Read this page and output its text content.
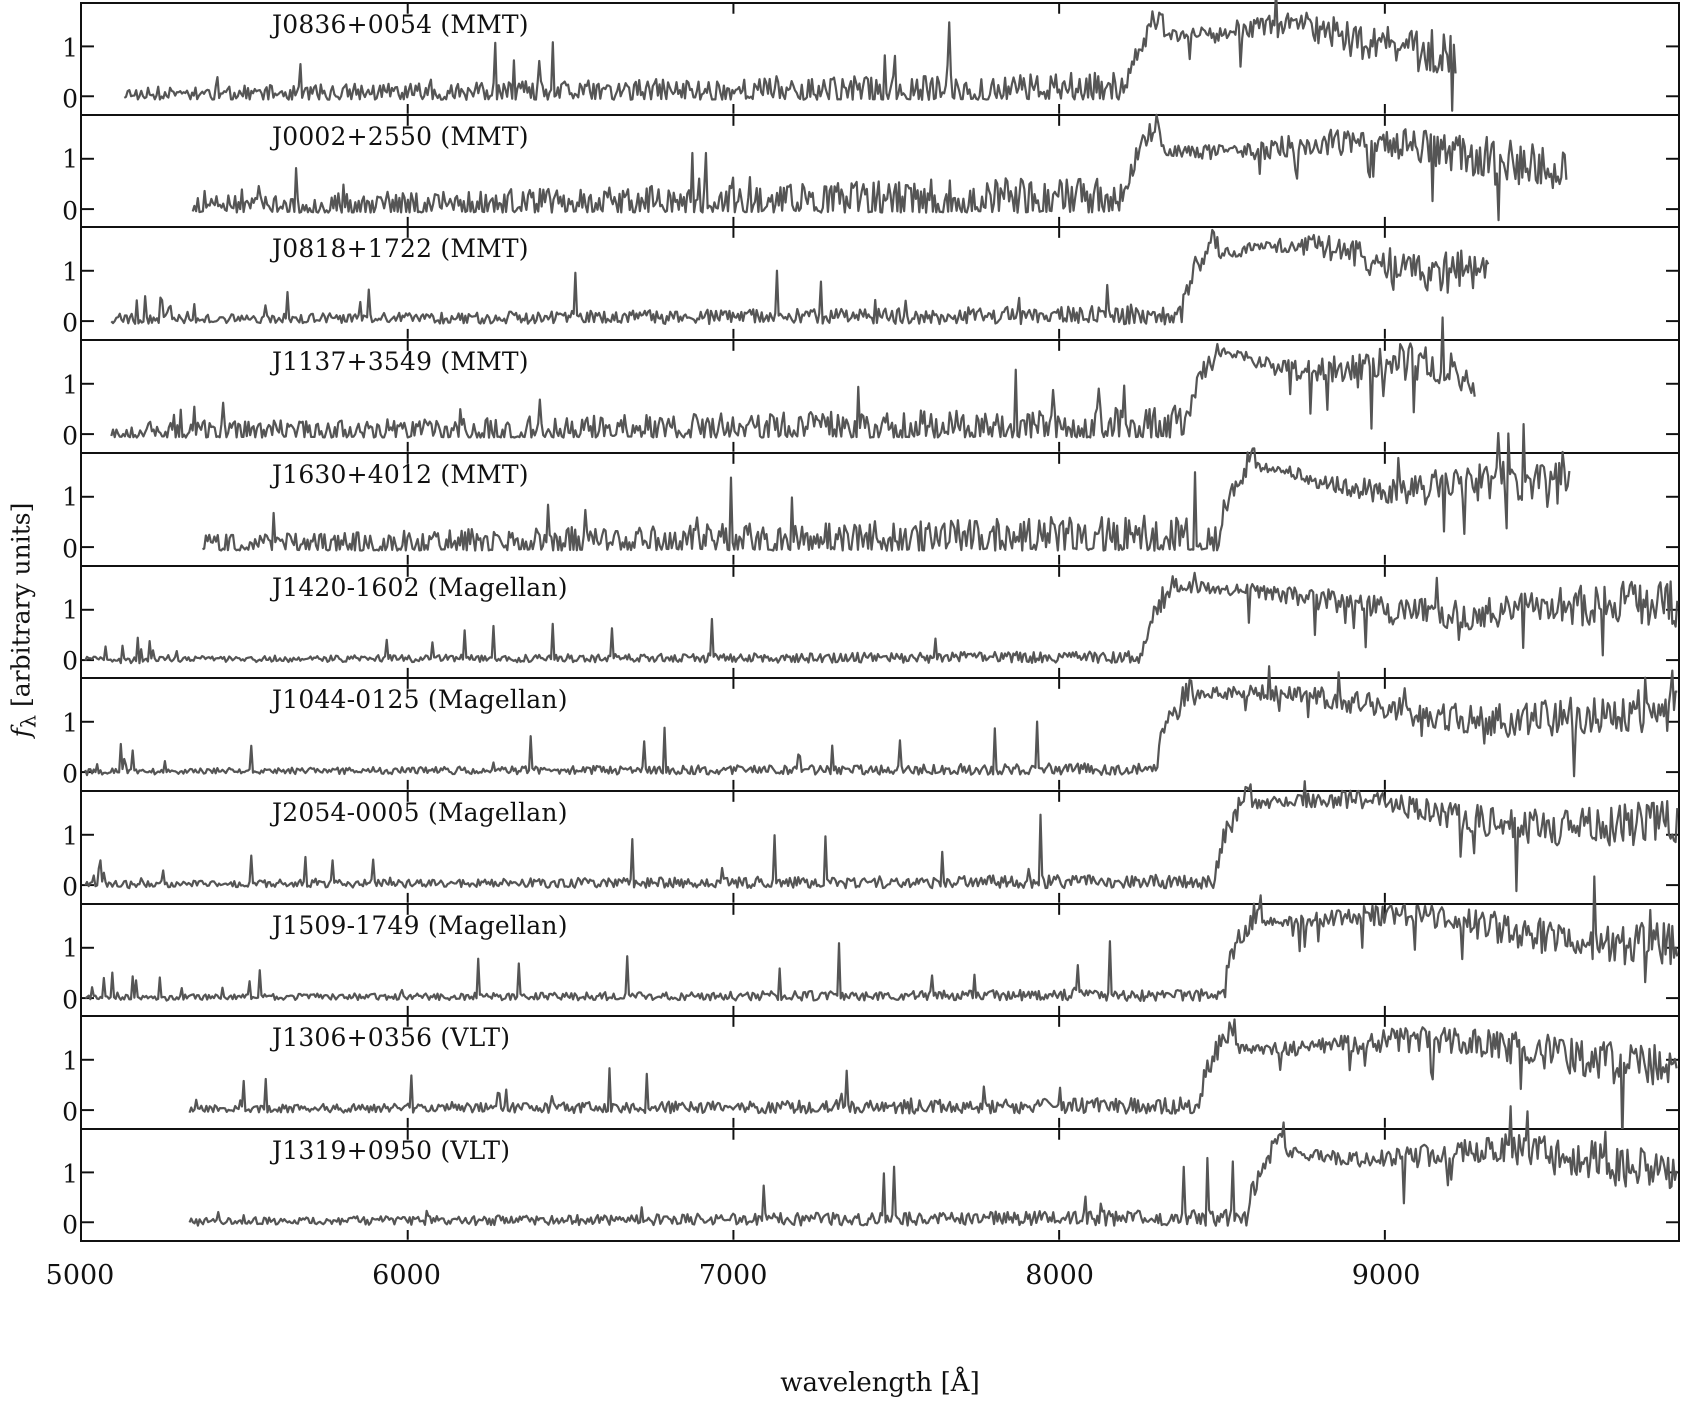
$f_\lambda$ [arbitrary units]
J0836+0054 (MMT)
0
1
J0002+2550 (MMT)
0
1
J0818+1722 (MMT)
0
1
J1137+3549 (MMT)
0
1
J1630+4012 (MMT)
0
1
J1420-1602 (Magellan)
0
1
J1044-0125 (Magellan)
0
1
J2054-0005 (Magellan)
0
1
J1509-1749 (Magellan)
0
1
J1306+0356 (VLT)
0
1
J1319+0950 (VLT)
0
1
5000	6000	7000	8000	9000
wavelength [Å]
